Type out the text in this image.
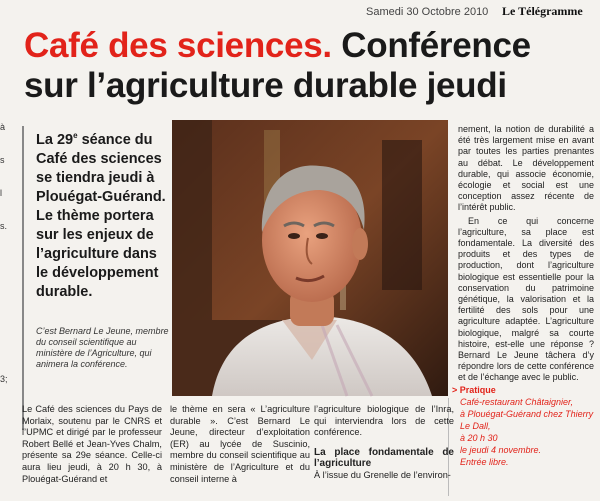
Samedi 30 Octobre 2010 Le Télégramme
Café des sciences. Conférence
sur l’agriculture durable jeudi
à
s
l
s.
3;

La 29e séance du Café des sciences se tiendra jeudi à Plouégat-Guérand. Le thème portera sur les enjeux de l’agriculture dans le développement durable.

C’est Bernard Le Jeune, membre du conseil scientifique au ministère de l’Agriculture, qui animera la conférence.

nement, la notion de durabilité a été très largement mise en avant par toutes les parties prenantes au débat. Le développement durable, qui associe économie, écologie et social est une conception assez récente de l’intérêt public.

En ce qui concerne l’agriculture, sa place est fondamentale. La diversité des produits et des types de production, dont l’agriculture biologique est essentielle pour la conservation du patrimoine génétique, la valorisation et la fertilité des sols pour une agriculture adaptée. L’agriculture biologique, malgré sa courte histoire, est-elle une réponse ? Bernard Le Jeune tâchera d’y répondre lors de cette conférence et de l’échange avec le public.

> Pratique
Café-restaurant Châtaignier,
à Plouégat-Guérand chez Thierry Le Dall,
à 20 h 30
le jeudi 4 novembre.
Entrée libre.
Le Café des sciences du Pays de Morlaix, soutenu par le CNRS et l’UPMC et dirigé par le professeur Robert Bellé et Jean-Yves Chalm, présente sa 29e séance. Celle-ci aura lieu jeudi, à 20 h 30, à Plouégat-Guérand et
le thème en sera « L’agriculture durable ». C’est Bernard Le Jeune, directeur d’exploitation (ER) au lycée de Suscinio, membre du conseil scientifique au ministère de l’Agriculture et du conseil interne à
l’agriculture biologique de l’Inra, qui interviendra lors de cette conférence.
La place fondamentale de l’agriculture
À l’issue du Grenelle de l’environ-
